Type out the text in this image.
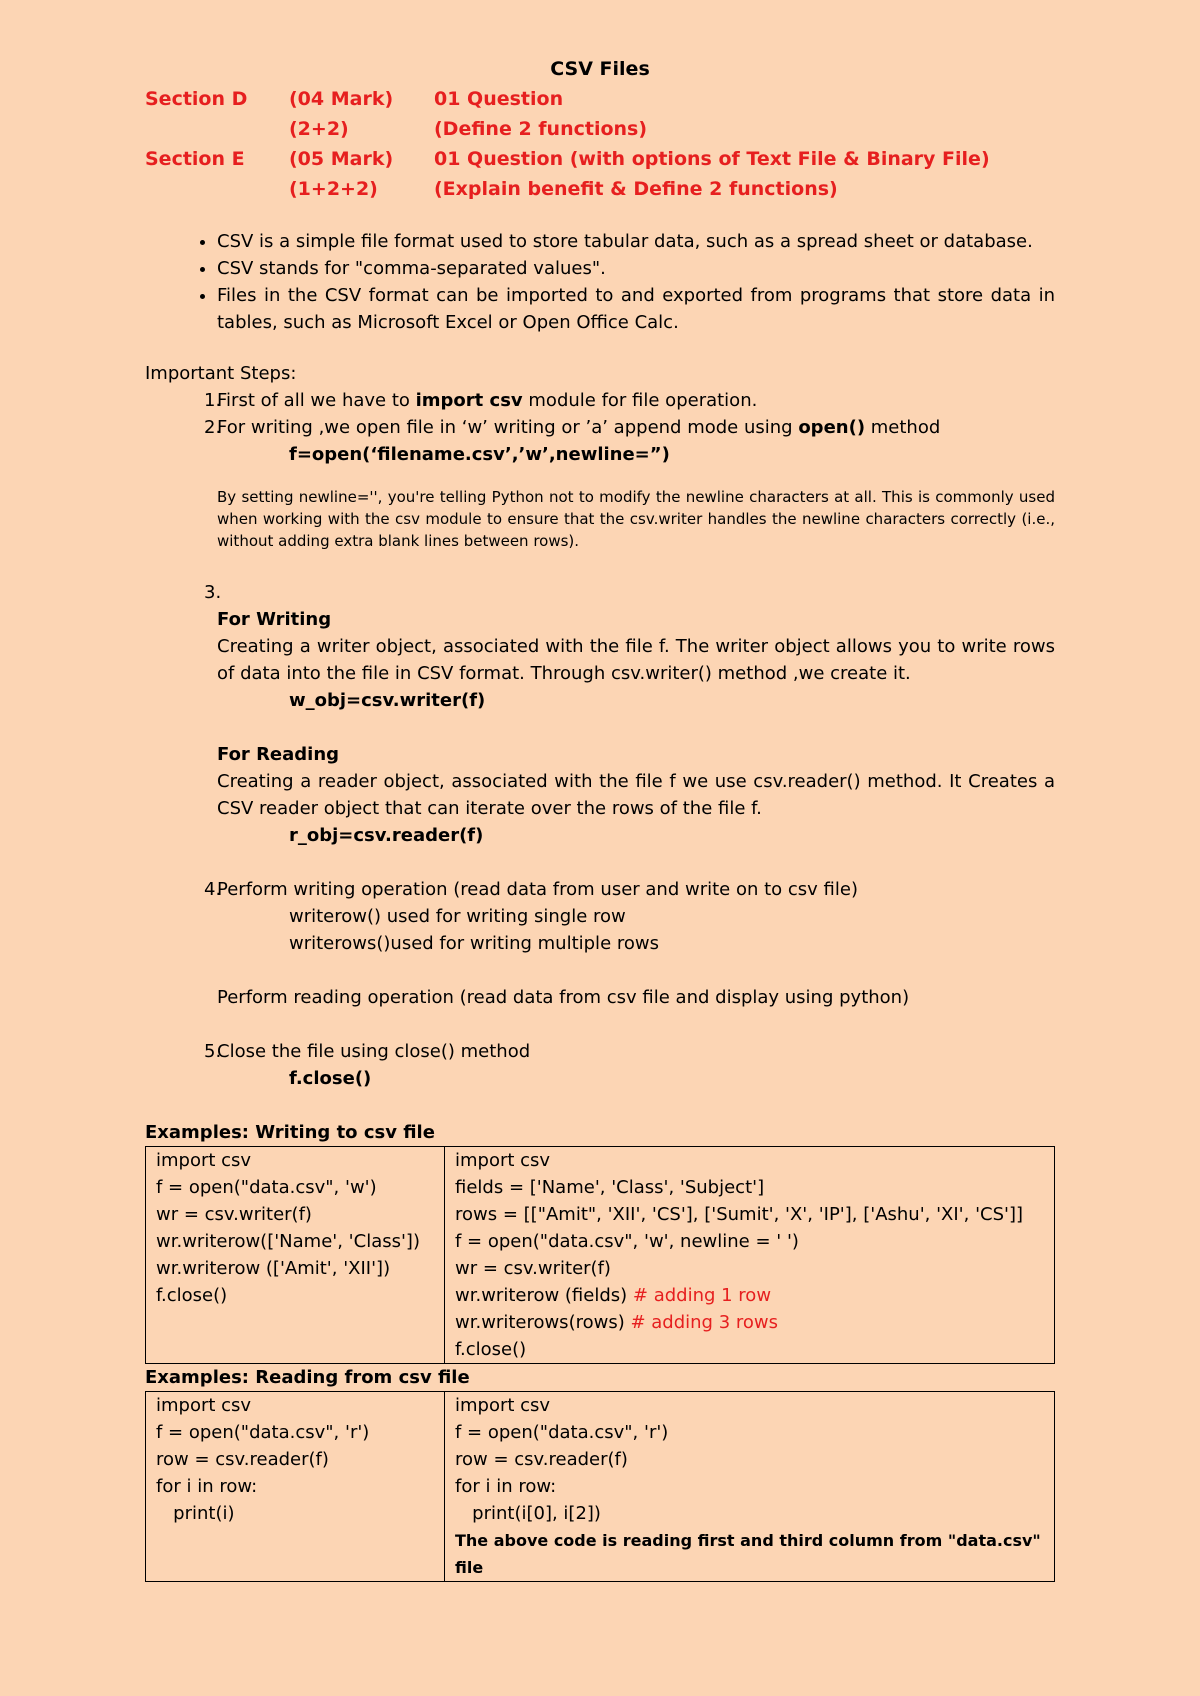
CSV Files
Section D	(04 Mark)	01 Question
(2+2)	(Define 2 functions)
Section E	(05 Mark)	01 Question (with options of Text File & Binary File)
(1+2+2)	(Explain benefit & Define 2 functions)
• CSV is a simple file format used to store tabular data, such as a spread sheet or database.
• CSV stands for "comma-separated values".
• Files in the CSV format can be imported to and exported from programs that store data in tables, such as Microsoft Excel or Open Office Calc.
Important Steps:
1.
First of all we have to import csv module for file operation.
2.
For writing ,we open file in ‘w’ writing or ’a’ append mode using open() method
f=open(‘filename.csv’,’w’,newline=”)
By setting newline='', you're telling Python not to modify the newline characters at all. This is commonly used when working with the csv module to ensure that the csv.writer handles the newline characters correctly (i.e., without adding extra blank lines between rows).
3.
For Writing
Creating a writer object, associated with the file f. The writer object allows you to write rows of data into the file in CSV format. Through csv.writer() method ,we create it.
w_obj=csv.writer(f)
For Reading
Creating a reader object, associated with the file f we use csv.reader() method. It Creates a CSV reader object that can iterate over the rows of the file f.
r_obj=csv.reader(f)
4.
Perform writing operation (read data from user and write on to csv file)
writerow() used for writing single row
writerows()used for writing multiple rows
Perform reading operation (read data from csv file and display using python)
5.
Close the file using close() method
f.close()
Examples: Writing to csv file
import csv
f = open("data.csv", 'w')
wr = csv.writer(f)
wr.writerow(['Name', 'Class'])
wr.writerow (['Amit', 'XII'])
f.close()

import csv
fields = ['Name', 'Class', 'Subject']
rows = [["Amit", 'XII', 'CS'], ['Sumit', 'X', 'IP'], ['Ashu', 'XI', 'CS']]
f = open("data.csv", 'w', newline = ' ')
wr = csv.writer(f)
wr.writerow (fields) # adding 1 row
wr.writerows(rows) # adding 3 rows
f.close()
Examples: Reading from csv file
import csv
f = open("data.csv", 'r')
row = csv.reader(f)
for i in row:
print(i)

import csv
f = open("data.csv", 'r')
row = csv.reader(f)
for i in row:
print(i[0], i[2])
The above code is reading first and third column from "data.csv" file
